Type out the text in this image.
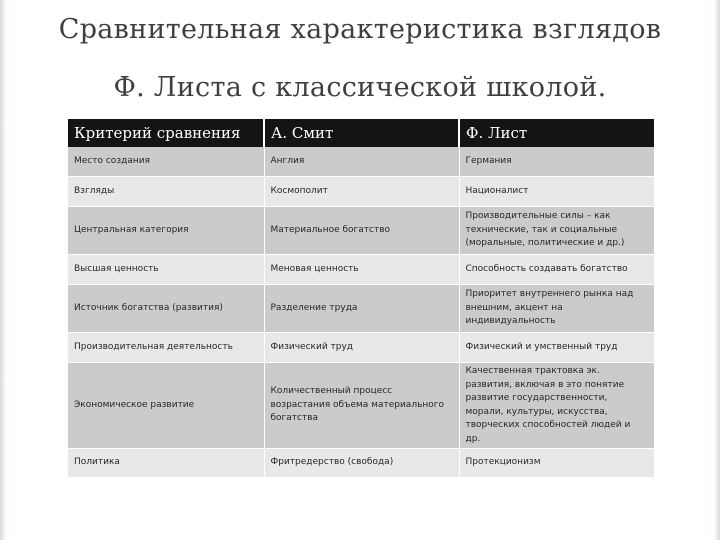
Сравнительная характеристика взглядов
Ф. Листа с классической школой.
Критерий сравнения	А. Смит	Ф. Лист
Место создания	Англия	Германия
Взгляды	Космополит	Националист
Центральная категория	Материальное богатство	Производительные силы – как технические, так и социальные (моральные, политические и др.)
Высшая ценность	Меновая ценность	Способность создавать богатство
Источник богатства (развития)	Разделение труда	Приоритет внутреннего рынка над внешним, акцент на индивидуальность
Производительная деятельность	Физический труд	Физический и умственный труд
Экономическое развитие	Количественный процесс возрастания объема материального богатства	Качественная трактовка эк. развития, включая в это понятие развитие государственности, морали, культуры, искусства, творческих способностей людей и др.
Политика	Фритредерство (свобода)	Протекционизм
